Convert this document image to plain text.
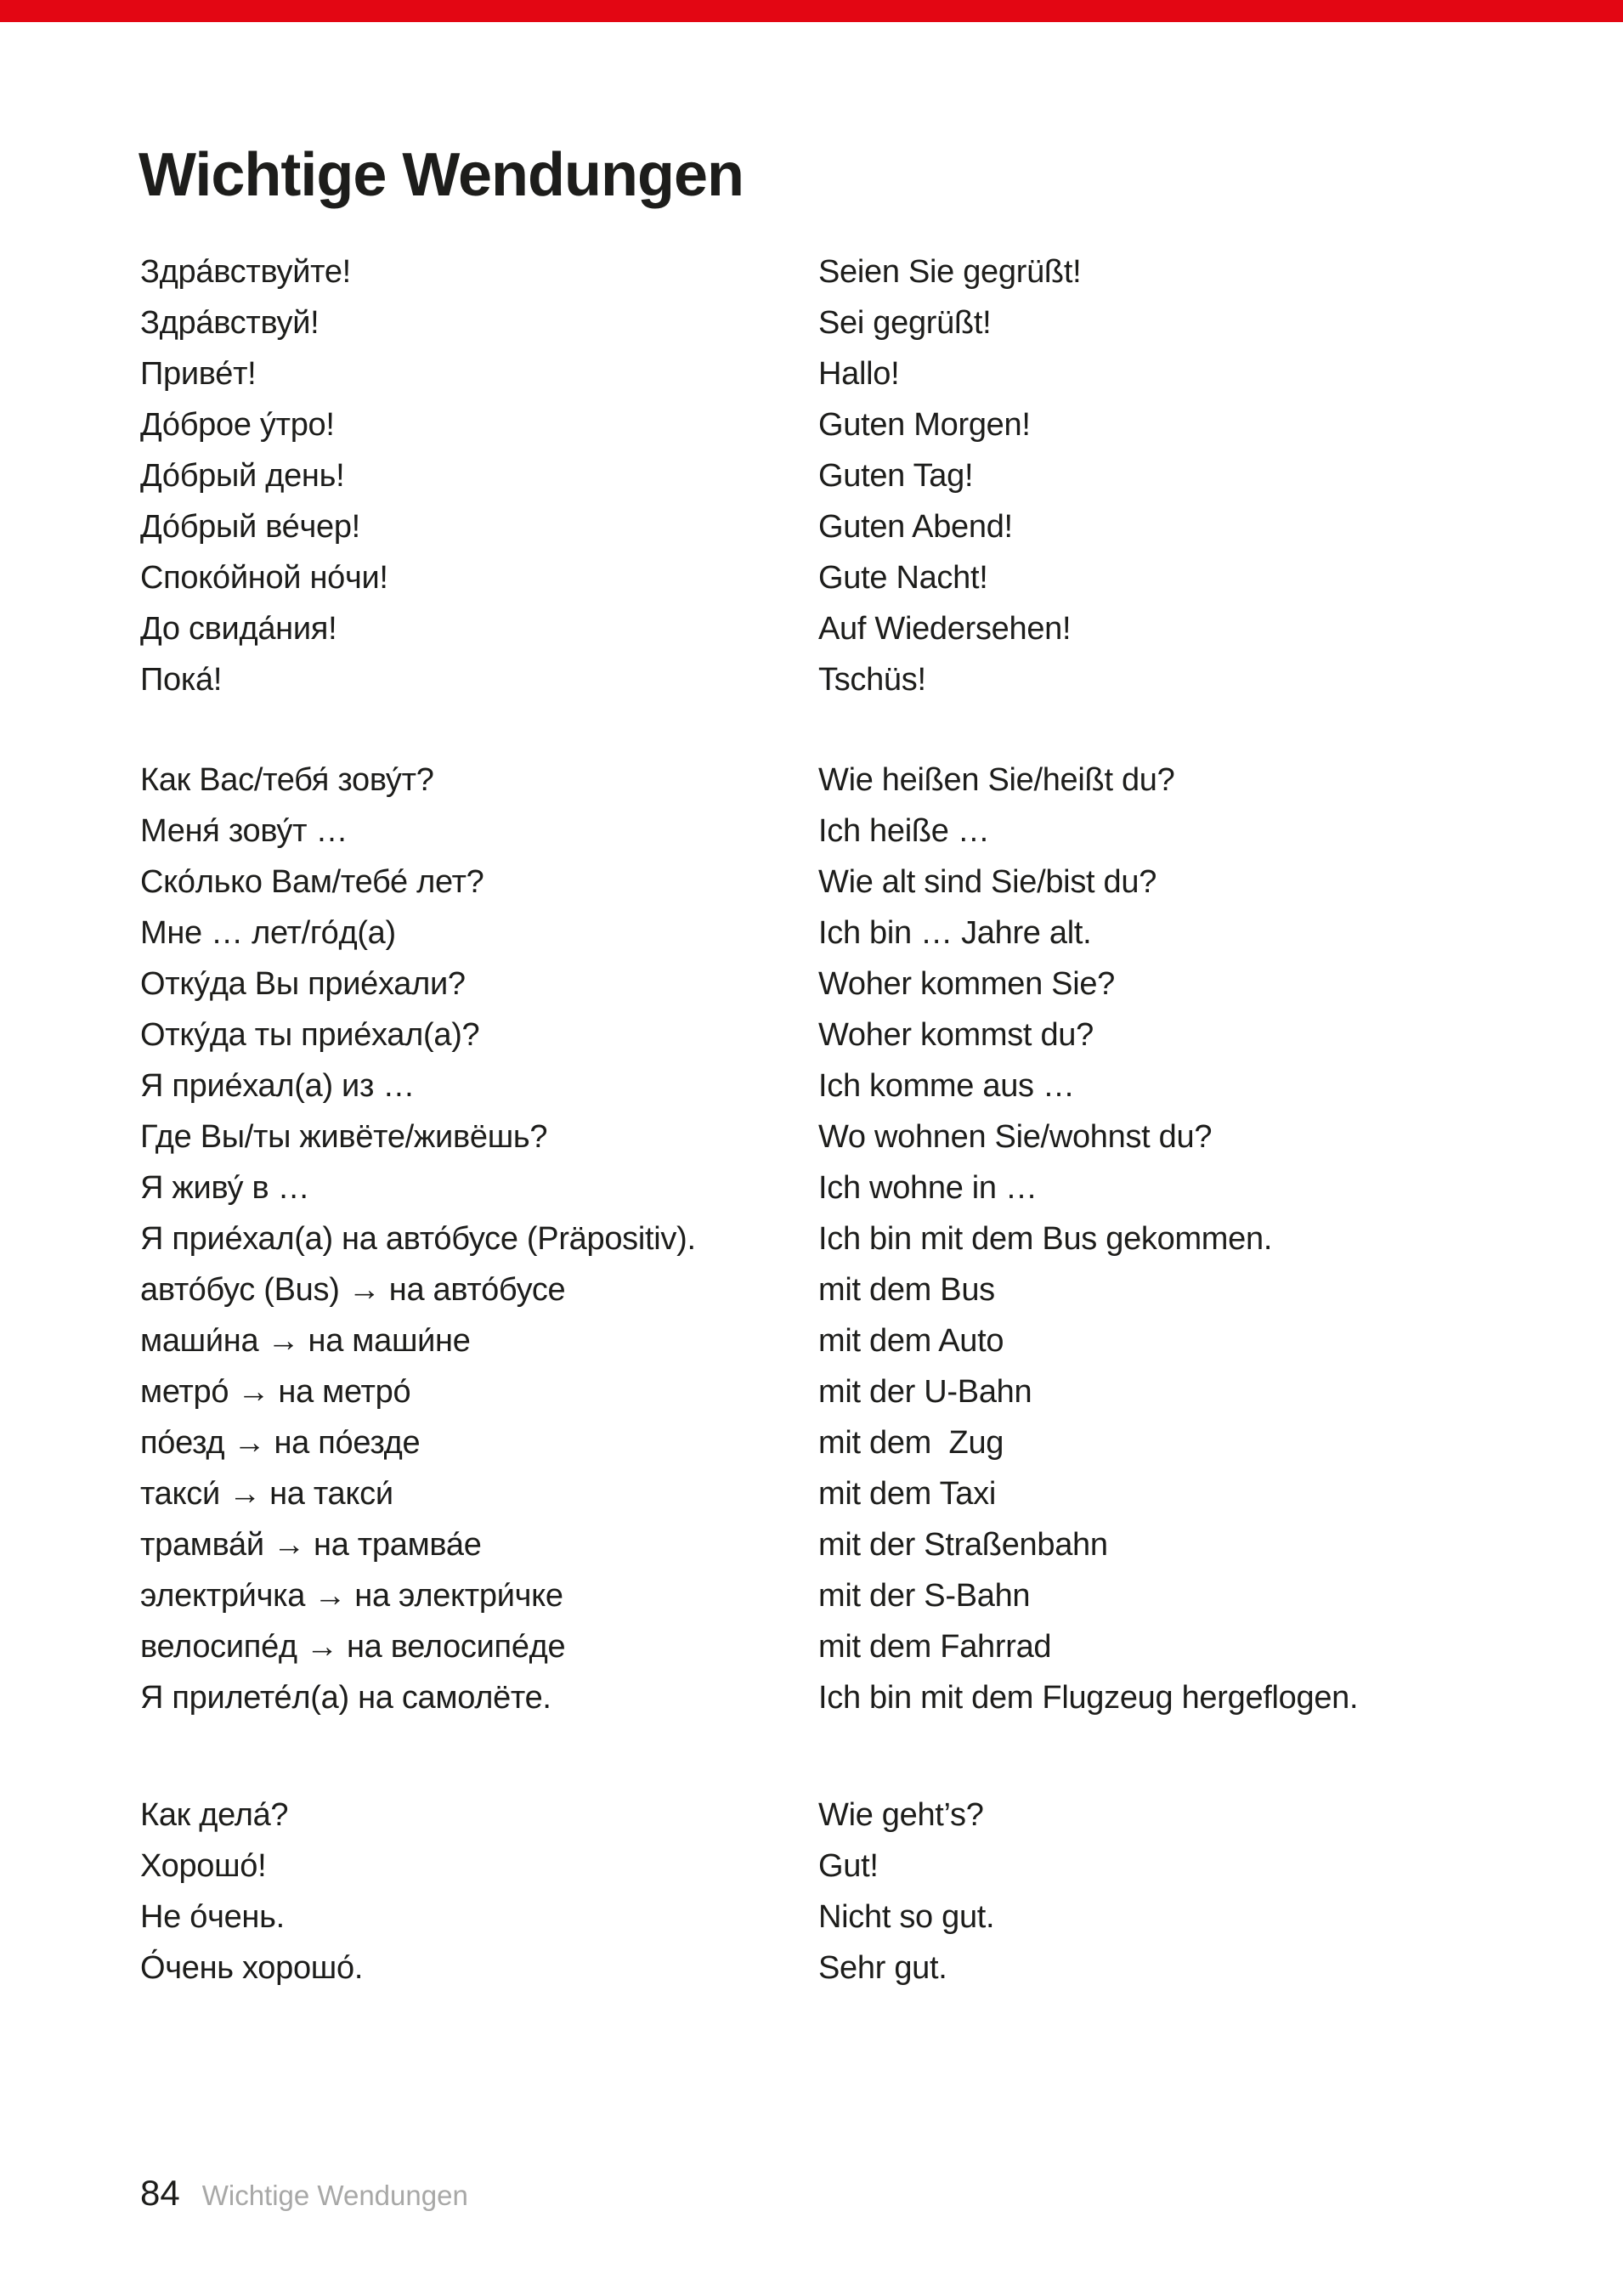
Wichtige Wendungen
Здра́вствуйте!	Seien Sie gegrüßt!
Здра́вствуй!	Sei gegrüßt!
Приве́т!	Hallo!
До́брое у́тро!	Guten Morgen!
До́брый день!	Guten Tag!
До́брый ве́чер!	Guten Abend!
Споко́йной но́чи!	Gute Nacht!
До свида́ния!	Auf Wiedersehen!
Пока́!	Tschüs!
Как Вас/тебя́ зову́т?	Wie heißen Sie/heißt du?
Меня́ зову́т …	Ich heiße …
Ско́лько Вам/тебе́ лет?	Wie alt sind Sie/bist du?
Мне … лет/го́д(а)	Ich bin … Jahre alt.
Отку́да Вы прие́хали?	Woher kommen Sie?
Отку́да ты прие́хал(а)?	Woher kommst du?
Я прие́хал(а) из …	Ich komme aus …
Где Вы/ты живёте/живёшь?	Wo wohnen Sie/wohnst du?
Я живу́ в …	Ich wohne in …
Я прие́хал(а) на авто́бусе (Präpositiv).	Ich bin mit dem Bus gekommen.
авто́бус (Bus) → на авто́бусе	mit dem Bus
маши́на → на маши́не	mit dem Auto
метро́ → на метро́	mit der U-Bahn
по́езд → на по́езде	mit dem  Zug
такси́ → на такси́	mit dem Taxi
трамва́й → на трамва́е	mit der Straßenbahn
электри́чка → на электри́чке	mit der S-Bahn
велосипе́д → на велосипе́де	mit dem Fahrrad
Я прилете́л(а) на самолёте.	Ich bin mit dem Flugzeug hergeflogen.
Как дела́?	Wie geht’s?
Хорошо́!	Gut!
Не о́чень.	Nicht so gut.
О́чень хорошо́.	Sehr gut.
84 Wichtige Wendungen
